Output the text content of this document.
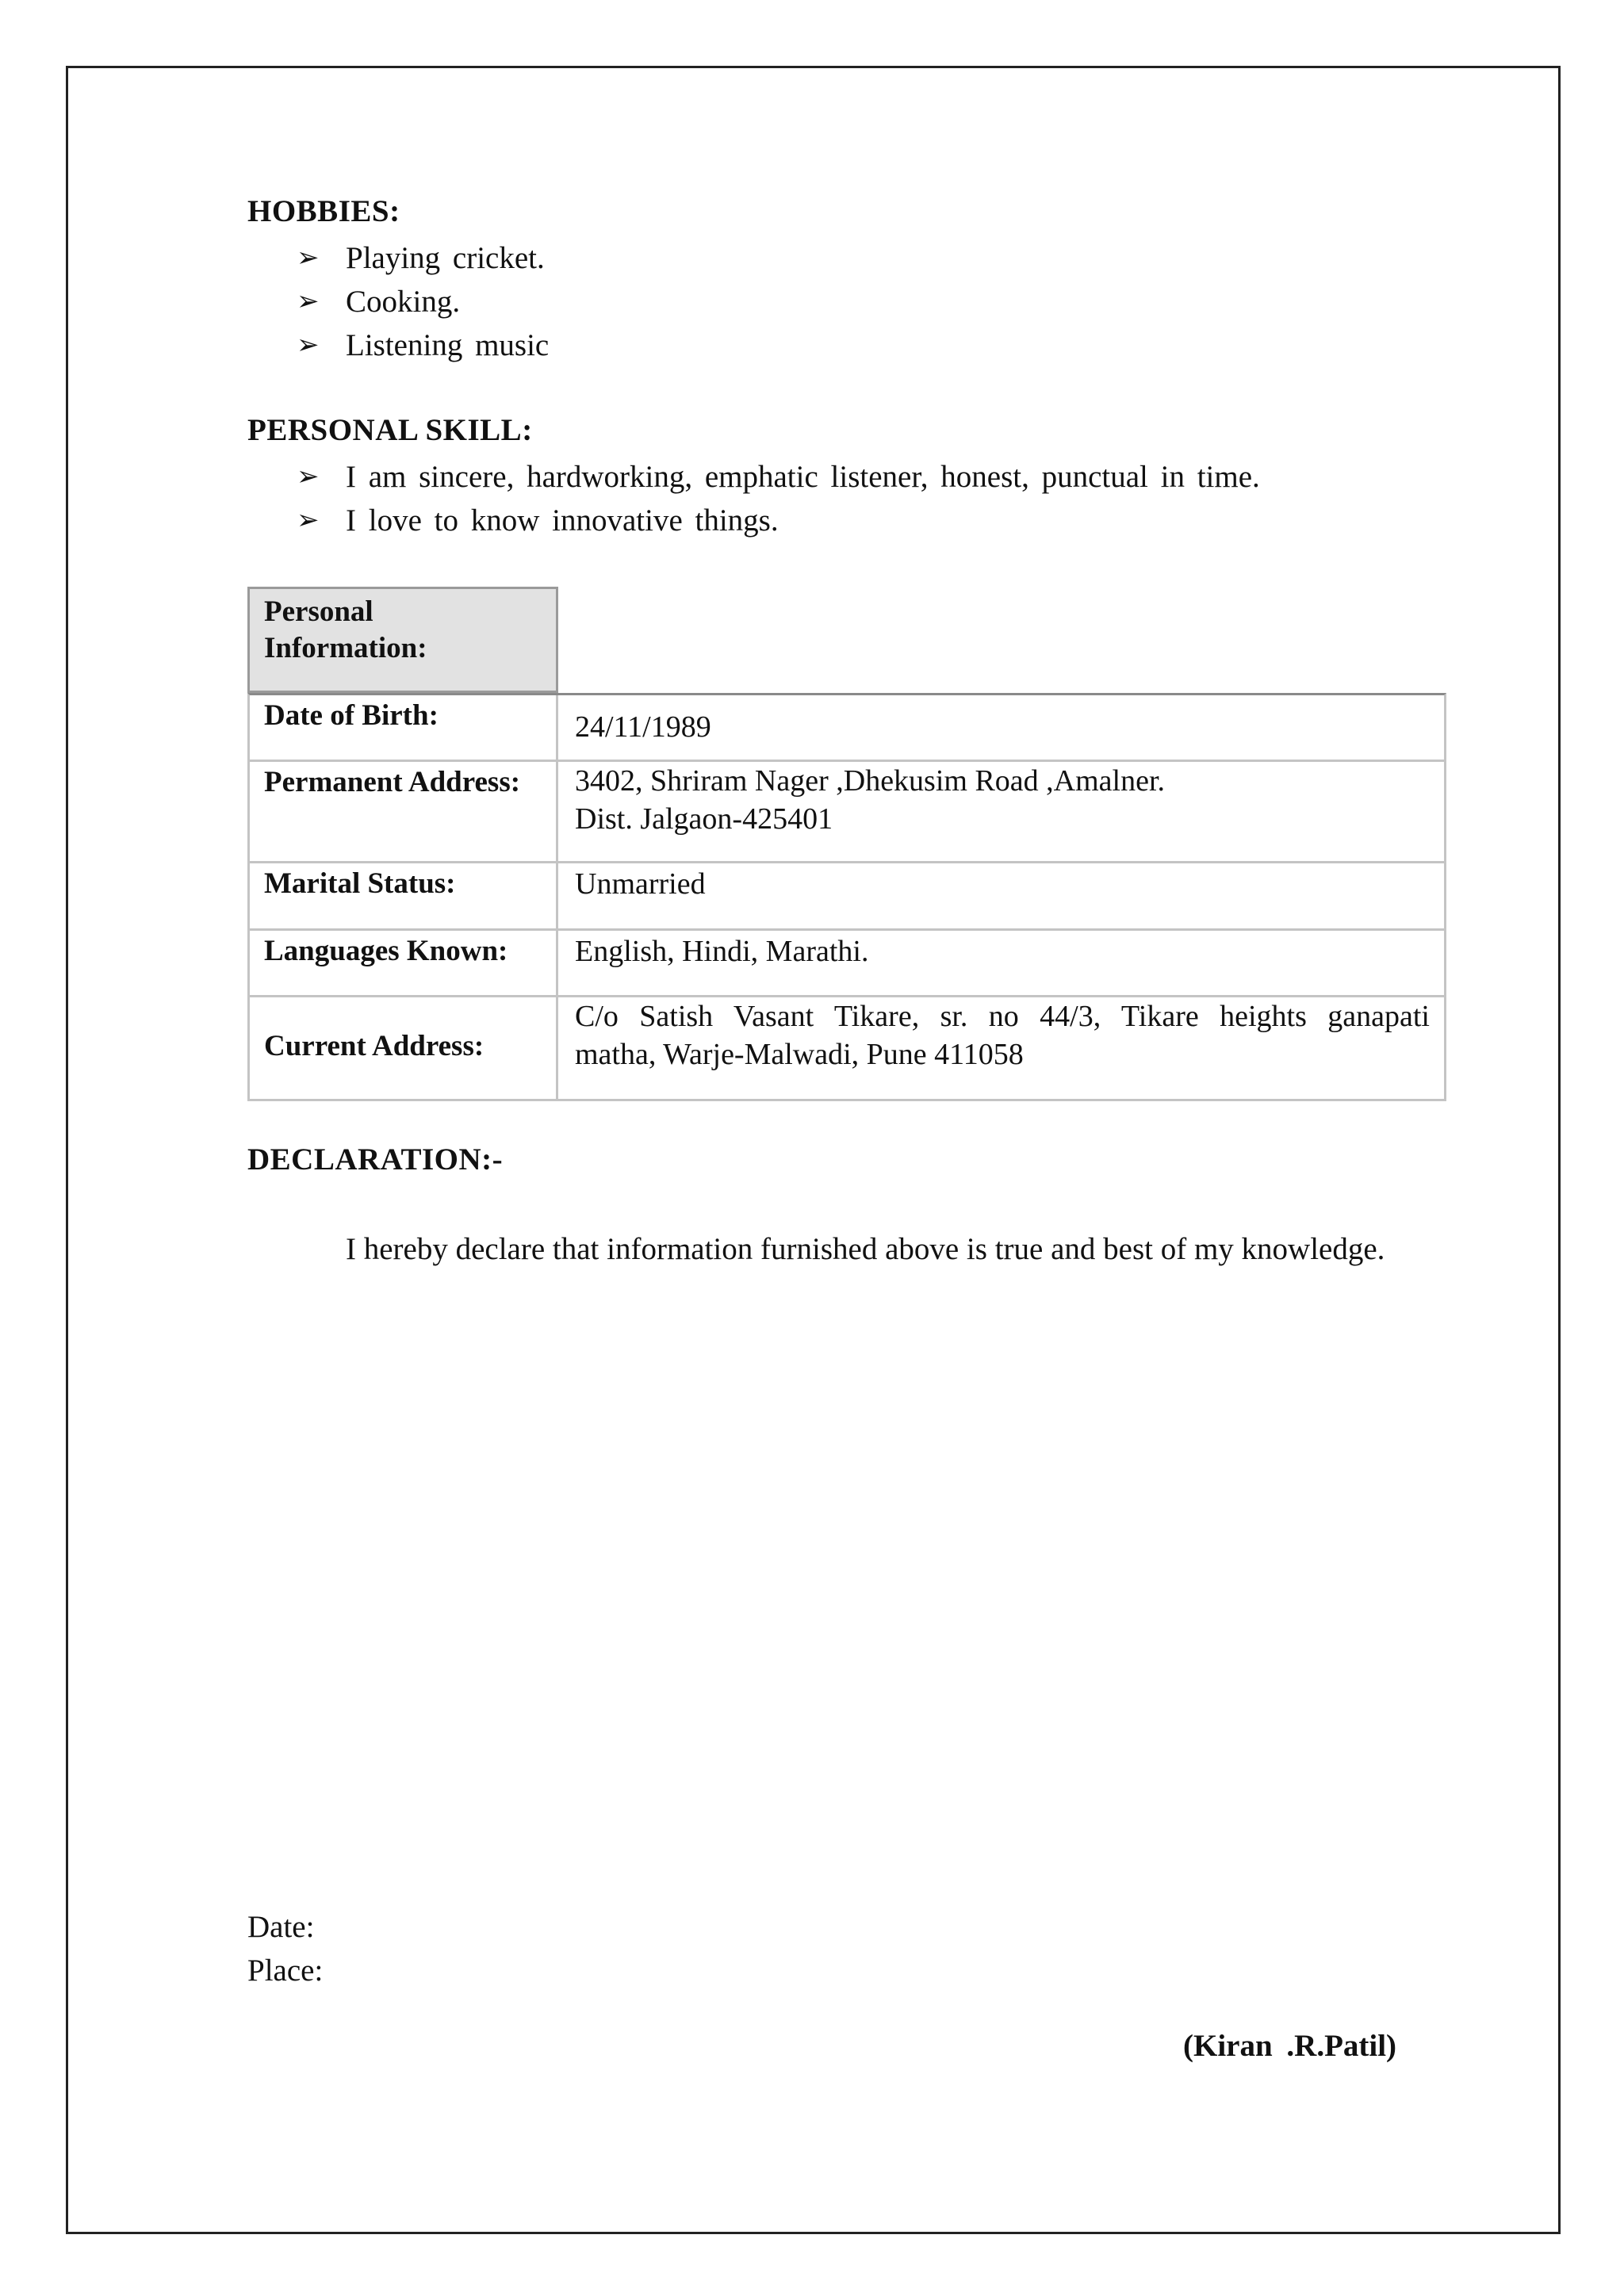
HOBBIES:
➢ Playing cricket.
➢ Cooking.
➢ Listening music
PERSONAL SKILL:
➢ I am sincere, hardworking, emphatic listener, honest, punctual in time.
➢ I love to know innovative things.
Personal Information:
Date of Birth:	24/11/1989
Permanent Address:	3402, Shriram Nager ,Dhekusim Road ,Amalner.
Dist. Jalgaon-425401
Marital Status:	Unmarried
Languages Known:	English, Hindi, Marathi.
Current Address:
C/o Satish Vasant Tikare, sr. no 44/3, Tikare heights ganapati
matha, Warje-Malwadi, Pune 411058
DECLARATION:-
I hereby declare that information furnished above is true and best of my knowledge.
Date:
Place:
(Kiran .R.Patil)
